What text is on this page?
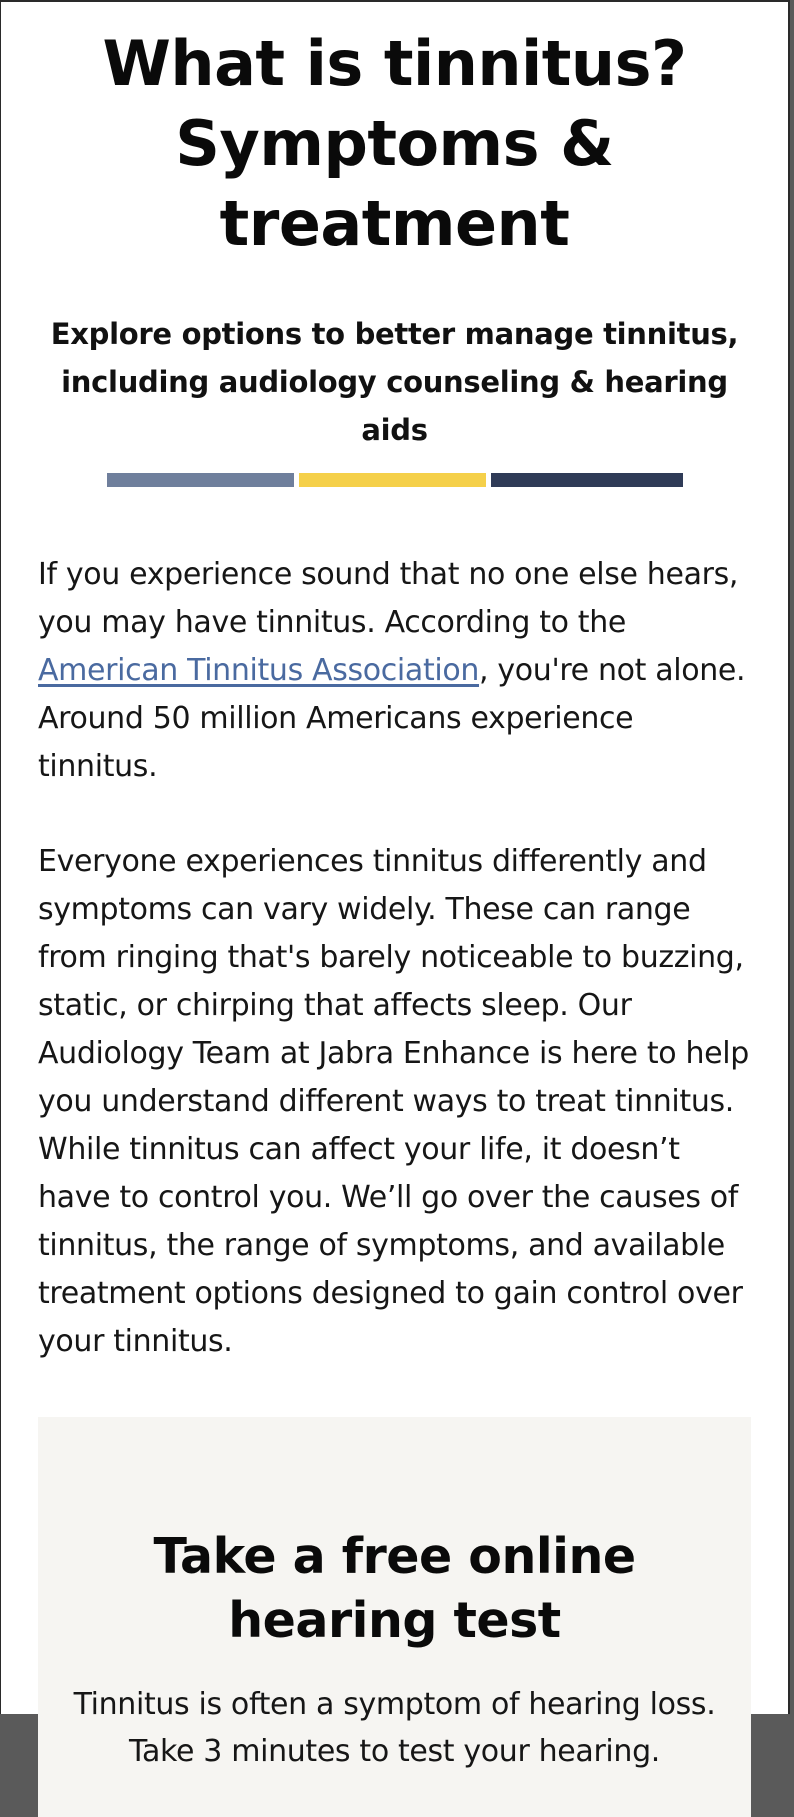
What is tinnitus?
Symptoms &
treatment

Explore options to better manage tinnitus,
including audiology counseling & hearing aids

If you experience sound that no one else hears, you may have tinnitus. According to the American Tinnitus Association, you're not alone. Around 50 million Americans experience tinnitus.

Everyone experiences tinnitus differently and symptoms can vary widely. These can range from ringing that's barely noticeable to buzzing, static, or chirping that affects sleep. Our Audiology Team at Jabra Enhance is here to help you understand different ways to treat tinnitus. While tinnitus can affect your life, it doesn’t have to control you. We’ll go over the causes of tinnitus, the range of symptoms, and available treatment options designed to gain control over your tinnitus.

Take a free online hearing test

Tinnitus is often a symptom of hearing loss. Take 3 minutes to test your hearing.
